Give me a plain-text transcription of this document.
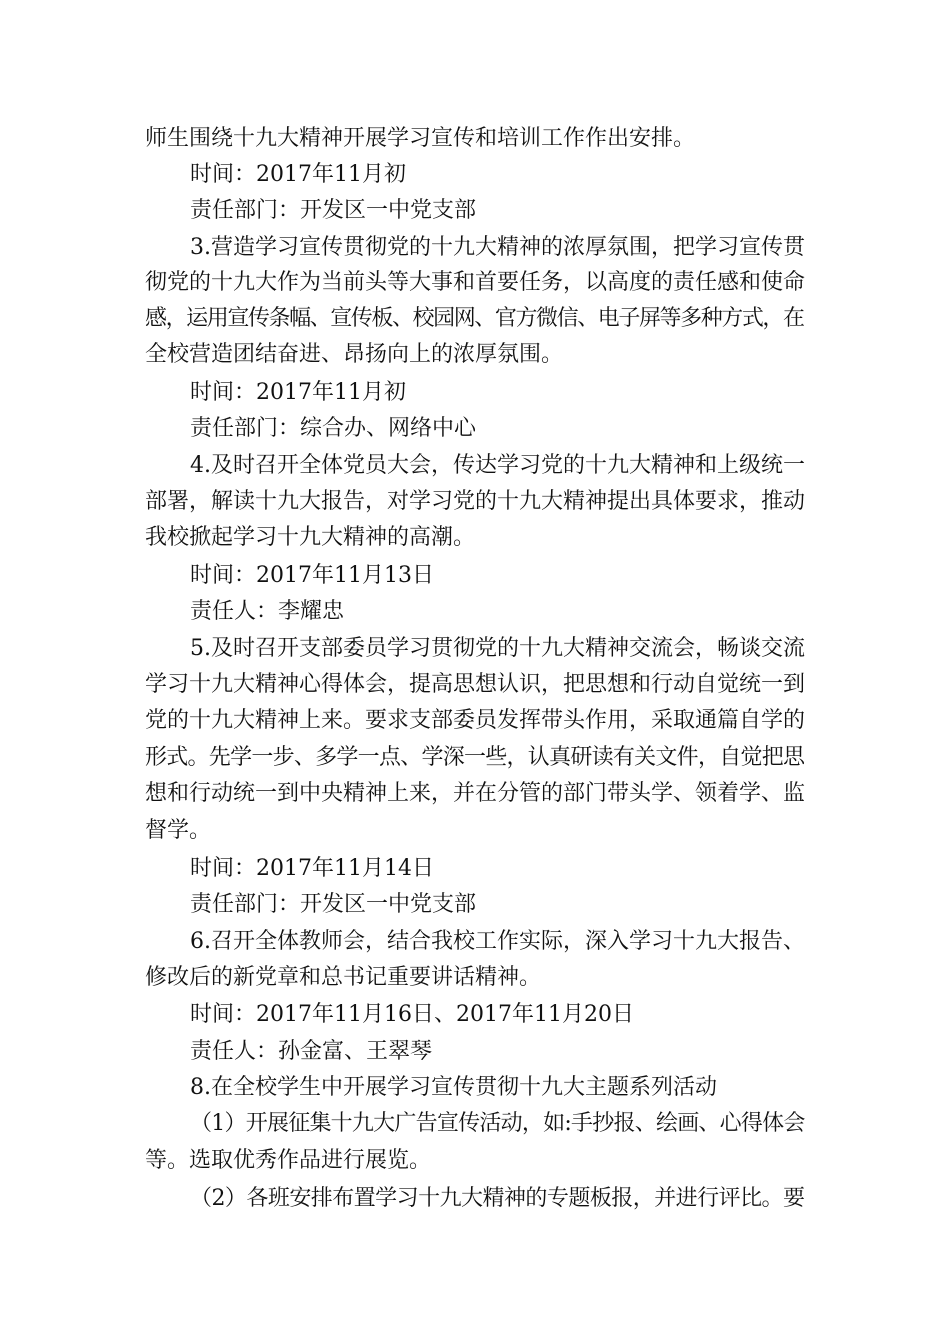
师生围绕十九大精神开展学习宣传和培训工作作出安排。
时间：2017年11月初
责任部门：开发区一中党支部
3.营造学习宣传贯彻党的十九大精神的浓厚氛围，把学习宣传贯
彻党的十九大作为当前头等大事和首要任务，以高度的责任感和使命
感，运用宣传条幅、宣传板、校园网、官方微信、电子屏等多种方式，在
全校营造团结奋进、昂扬向上的浓厚氛围。
时间：2017年11月初
责任部门：综合办、网络中心
4.及时召开全体党员大会，传达学习党的十九大精神和上级统一
部署，解读十九大报告，对学习党的十九大精神提出具体要求，推动
我校掀起学习十九大精神的高潮。
时间：2017年11月13日
责任人：李耀忠
5.及时召开支部委员学习贯彻党的十九大精神交流会，畅谈交流
学习十九大精神心得体会，提高思想认识，把思想和行动自觉统一到
党的十九大精神上来。要求支部委员发挥带头作用，采取通篇自学的
形式。先学一步、多学一点、学深一些，认真研读有关文件，自觉把思
想和行动统一到中央精神上来，并在分管的部门带头学、领着学、监
督学。
时间：2017年11月14日
责任部门：开发区一中党支部
6.召开全体教师会，结合我校工作实际，深入学习十九大报告、
修改后的新党章和总书记重要讲话精神。
时间：2017年11月16日、2017年11月20日
责任人：孙金富、王翠琴
8.在全校学生中开展学习宣传贯彻十九大主题系列活动
（1）开展征集十九大广告宣传活动，如:手抄报、绘画、心得体会
等。选取优秀作品进行展览。
（2）各班安排布置学习十九大精神的专题板报，并进行评比。要
